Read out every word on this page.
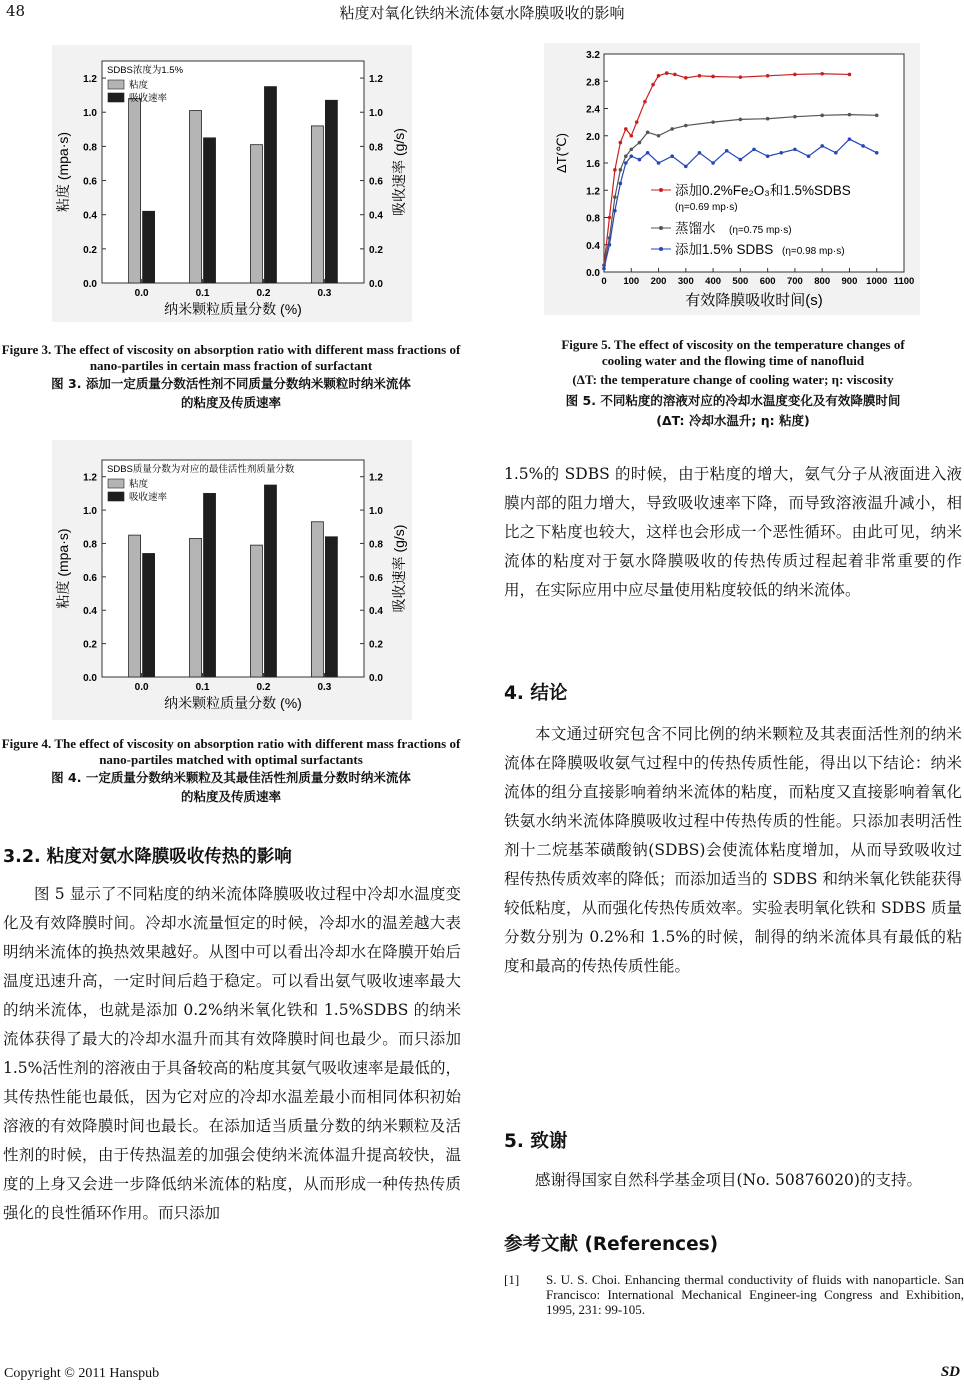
48	粘度对氧化铁纳米流体氨水降膜吸收的影响
0.0	0.0
0.2	0.2
0.4	0.4
0.6	0.6
0.8	0.8
1.0	1.0
1.2	1.2
0.0	0.1	0.2	0.3
SDBS浓度为1.5%
粘度
吸收速率
粘度 (mpa·s)	吸收速率 (g/s)
纳米颗粒质量分数 (%)
Figure 3. The effect of viscosity on absorption ratio with different mass fractions of nano-partiles in certain mass fraction of surfactant
图 3. 添加一定质量分数活性剂不同质量分数纳米颗粒时纳米流体
的粘度及传质速率
0.0	0.0
0.2	0.2
0.4	0.4
0.6	0.6
0.8	0.8
1.0	1.0
1.2	1.2
0.0	0.1	0.2	0.3
SDBS质量分数为对应的最佳活性剂质量分数
粘度
吸收速率
粘度 (mpa·s)	吸收速率 (g/s)
纳米颗粒质量分数 (%)
Figure 4. The effect of viscosity on absorption ratio with different mass fractions of nano-partiles matched with optimal surfactants
图 4. 一定质量分数纳米颗粒及其最佳活性剂质量分数时纳米流体
的粘度及传质速率
3.2. 粘度对氨水降膜吸收传热的影响

图 5 显示了不同粘度的纳米流体降膜吸收过程中冷却水温度变化及有效降膜时间。冷却水流量恒定的时候，冷却水的温差越大表明纳米流体的换热效果越好。从图中可以看出冷却水在降膜开始后温度迅速升高，一定时间后趋于稳定。可以看出氨气吸收速率最大的纳米流体，也就是添加 0.2%纳米氧化铁和 1.5%SDBS 的纳米流体获得了最大的冷却水温升而其有效降膜时间也最少。而只添加 1.5%活性剂的溶液由于具备较高的粘度其氨气吸收速率是最低的，其传热性能也最低，因为它对应的冷却水温差最小而相同体积初始溶液的有效降膜时间也最长。在添加适当质量分数的纳米颗粒及活性剂的时候，由于传热温差的加强会使纳米流体温升提高较快，温度的上身又会进一步降低纳米流体的粘度，从而形成一种传热传质强化的良性循环作用。而只添加

0.0
0.4
0.8
1.2
1.6
2.0
2.4
2.8
3.2
0 100 200 300 400 500 600 700 800 900 1000 1100
添加0.2%Fe₂O₃和1.5%SDBS
(η=0.69 mp·s)
蒸馏水 (η=0.75 mp·s)
添加1.5% SDBS (η=0.98 mp·s)
ΔT(℃)
有效降膜吸收时间(s)
Figure 5. The effect of viscosity on the temperature changes of
cooling water and the flowing time of nanofluid
(ΔT: the temperature change of cooling water; η: viscosity
图 5. 不同粘度的溶液对应的冷却水温度变化及有效降膜时间
(ΔT: 冷却水温升; η: 粘度)

1.5%的 SDBS 的时候，由于粘度的增大，氨气分子从液面进入液膜内部的阻力增大，导致吸收速率下降，而导致溶液温升减小，相比之下粘度也较大，这样也会形成一个恶性循环。由此可见，纳米流体的粘度对于氨水降膜吸收的传热传质过程起着非常重要的作用，在实际应用中应尽量使用粘度较低的纳米流体。

4. 结论

本文通过研究包含不同比例的纳米颗粒及其表面活性剂的纳米流体在降膜吸收氨气过程中的传热传质性能，得出以下结论：纳米流体的组分直接影响着纳米流体的粘度，而粘度又直接影响着氧化铁氨水纳米流体降膜吸收过程中传热传质的性能。只添加表明活性剂十二烷基苯磺酸钠(SDBS)会使流体粘度增加，从而导致吸收过程传热传质效率的降低；而添加适当的 SDBS 和纳米氧化铁能获得较低粘度，从而强化传热传质效率。实验表明氧化铁和 SDBS 质量分数分别为 0.2%和 1.5%的时候，制得的纳米流体具有最低的粘度和最高的传热传质性能。

5. 致谢

感谢得国家自然科学基金项目(No. 50876020)的支持。

参考文献 (References)
[1]	S. U. S. Choi. Enhancing thermal conductivity of fluids with nanoparticle. San Francisco: International Mechanical Engineer-ing Congress and Exhibition, 1995, 231: 99-105.
Copyright © 2011 Hanspub	SD
